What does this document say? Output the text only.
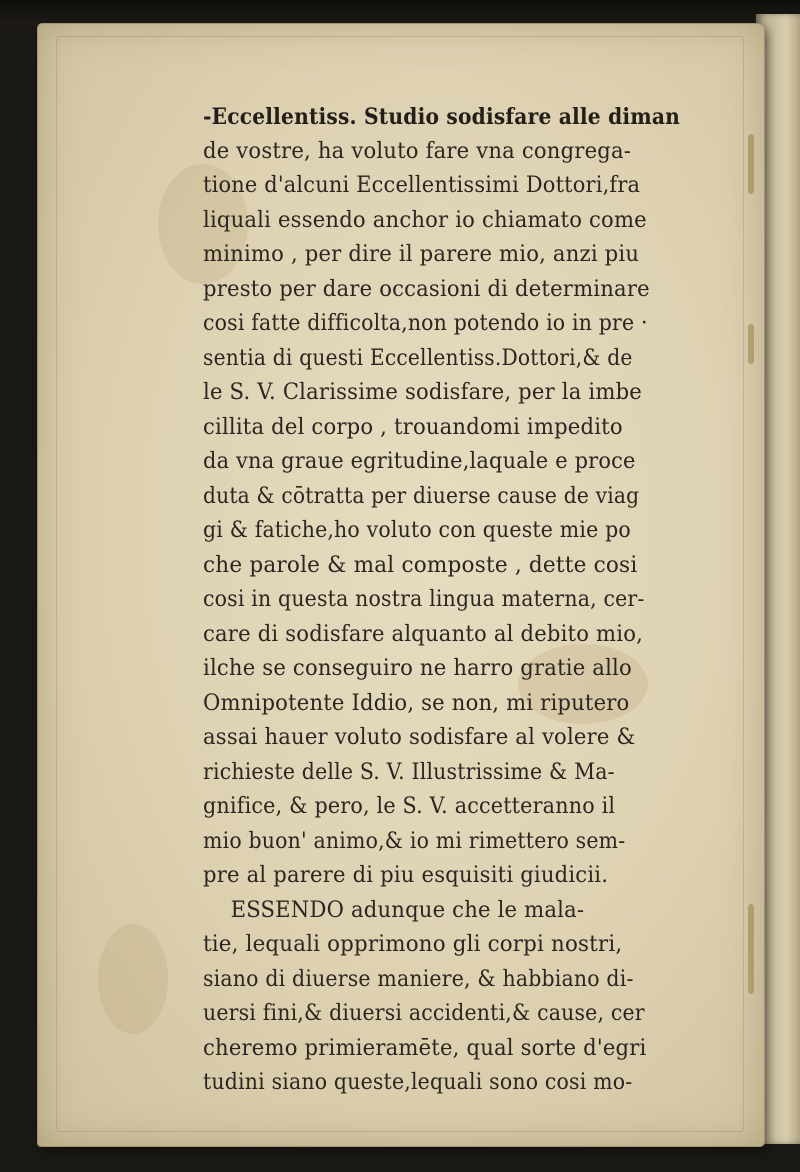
-Eccellentiss. Studio sodisfare alle diman
de vostre, ha voluto fare vna congrega-
tione d'alcuni Eccellentissimi Dottori,fra
liquali essendo anchor io chiamato come
minimo , per dire il parere mio, anzi piu
presto per dare occasioni di determinare
cosi fatte difficolta,non potendo io in pre ·
sentia di questi Eccellentiss.Dottori,& de
le S. V. Clarissime sodisfare, per la imbe
cillita del corpo , trouandomi impedito
da vna graue egritudine,laquale e proce
duta & cōtratta per diuerse cause de viag
gi & fatiche,ho voluto con queste mie po
che parole & mal composte , dette cosi
cosi in questa nostra lingua materna, cer-
care di sodisfare alquanto al debito mio,
ilche se conseguiro ne harro gratie allo
Omnipotente Iddio, se non, mi riputero
assai hauer voluto sodisfare al volere &
richieste delle S. V. Illustrissime & Ma-
gnifice, & pero, le S. V. accetteranno il
mio buon' animo,& io mi rimettero sem-
pre al parere di piu esquisiti giudicii.
ESSENDO adunque che le mala-
tie, lequali opprimono gli corpi nostri,
siano di diuerse maniere, & habbiano di-
uersi fini,& diuersi accidenti,& cause, cer
cheremo primieramēte, qual sorte d'egri
tudini siano queste,lequali sono cosi mo-
